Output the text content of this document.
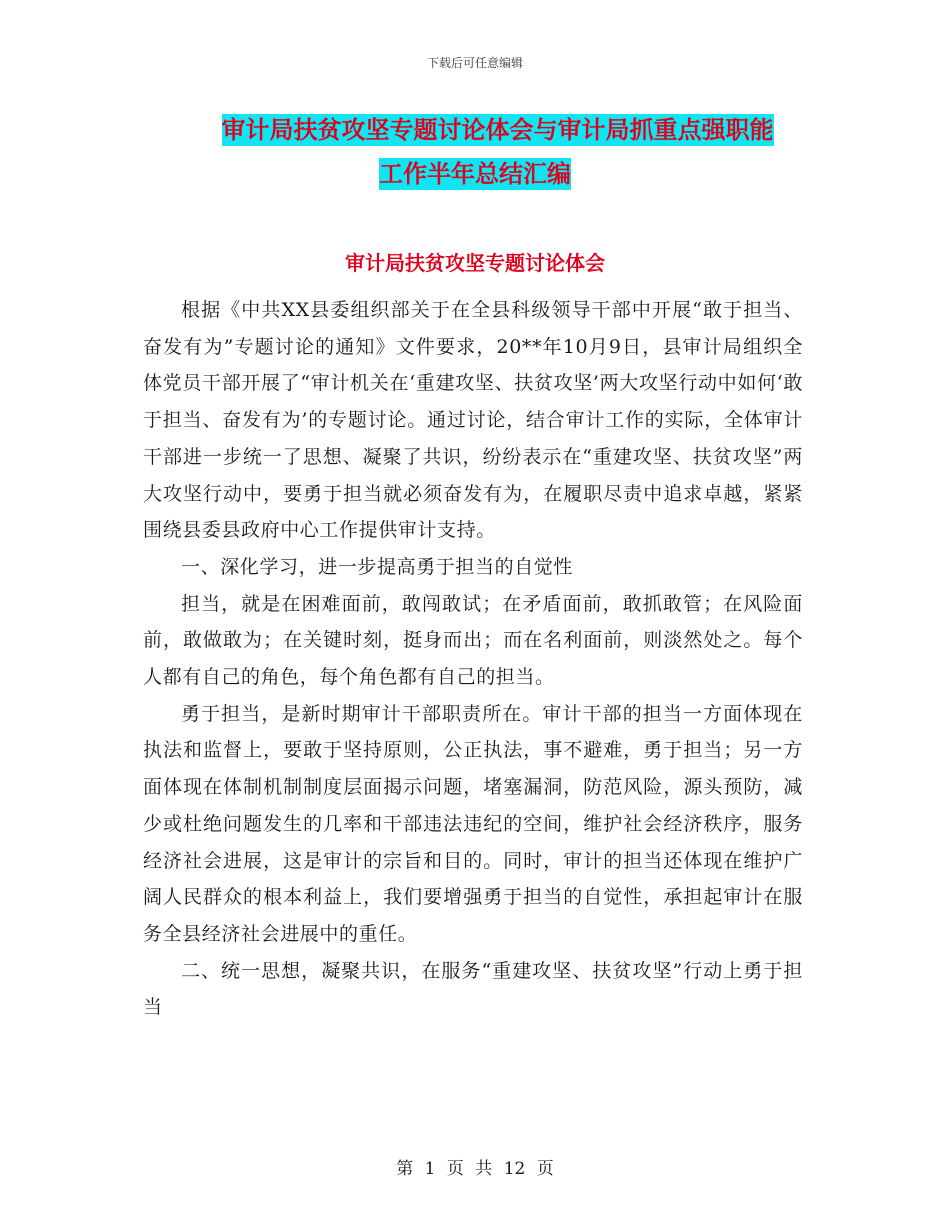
下载后可任意编辑
审计局扶贫攻坚专题讨论体会与审计局抓重点强职能
工作半年总结汇编
审计局扶贫攻坚专题讨论体会

根据《中共XX县委组织部关于在全县科级领导干部中开展“敢于担当、奋发有为”专题讨论的通知》文件要求，20**年10月9日，县审计局组织全体党员干部开展了“审计机关在‘重建攻坚、扶贫攻坚’两大攻坚行动中如何‘敢于担当、奋发有为’的专题讨论。通过讨论，结合审计工作的实际，全体审计干部进一步统一了思想、凝聚了共识，纷纷表示在“重建攻坚、扶贫攻坚”两大攻坚行动中，要勇于担当就必须奋发有为，在履职尽责中追求卓越，紧紧围绕县委县政府中心工作提供审计支持。

一、深化学习，进一步提高勇于担当的自觉性

担当，就是在困难面前，敢闯敢试；在矛盾面前，敢抓敢管；在风险面前，敢做敢为；在关键时刻，挺身而出；而在名利面前，则淡然处之。每个人都有自己的角色，每个角色都有自己的担当。

勇于担当，是新时期审计干部职责所在。审计干部的担当一方面体现在执法和监督上，要敢于坚持原则，公正执法，事不避难，勇于担当；另一方面体现在体制机制制度层面揭示问题，堵塞漏洞，防范风险，源头预防，减少或杜绝问题发生的几率和干部违法违纪的空间，维护社会经济秩序，服务经济社会进展，这是审计的宗旨和目的。同时，审计的担当还体现在维护广阔人民群众的根本利益上，我们要增强勇于担当的自觉性，承担起审计在服务全县经济社会进展中的重任。

二、统一思想，凝聚共识，在服务“重建攻坚、扶贫攻坚”行动上勇于担当

第 1 页 共 12 页
